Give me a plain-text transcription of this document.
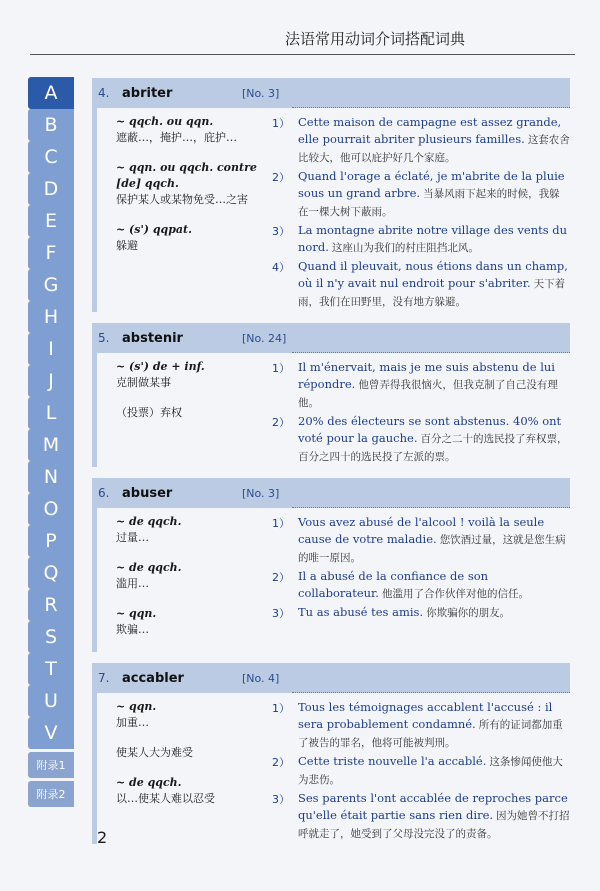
法语常用动词介词搭配词典
A
B
C
D
E
F
G
H
I
J
L
M
N
O
P
Q
R
S
T
U
V
附录1
附录2
4. abriter	[No. 3]
~ qqch. ou qqn.
遮蔽…，掩护…，庇护…
~ qqn. ou qqch. contre [de] qqch.
保护某人或某物免受…之害
~ (s') qqpat.
躲避
1） Cette maison de campagne est assez grande, elle pourrait abriter plusieurs familles. 这套农舍比较大，他可以庇护好几个家庭。
2） Quand l'orage a éclaté, je m'abrite de la pluie sous un grand arbre. 当暴风雨下起来的时候，我躲在一棵大树下蔽雨。
3） La montagne abrite notre village des vents du nord. 这座山为我们的村庄阻挡北风。
4） Quand il pleuvait, nous étions dans un champ, où il n'y avait nul endroit pour s'abriter. 天下着雨，我们在田野里，没有地方躲避。
5. abstenir	[No. 24]
~ (s') de + inf.
克制做某事
（投票）弃权
1） Il m'énervait, mais je me suis abstenu de lui répondre. 他曾弄得我很恼火，但我克制了自己没有理他。
2） 20% des électeurs se sont abstenus. 40% ont voté pour la gauche. 百分之二十的选民投了弃权票，百分之四十的选民投了左派的票。
6. abuser	[No. 3]
~ de qqch.
过量…
~ de qqch.
滥用…
~ qqn.
欺骗…
1） Vous avez abusé de l'alcool ! voilà la seule cause de votre maladie. 您饮酒过量，这就是您生病的唯一原因。
2） Il a abusé de la confiance de son collaborateur. 他滥用了合作伙伴对他的信任。
3） Tu as abusé tes amis. 你欺骗你的朋友。
7. accabler	[No. 4]
~ qqn.
加重…
使某人大为难受
~ de qqch.
以…使某人难以忍受
1） Tous les témoignages accablent l'accusé : il sera probablement condamné. 所有的证词都加重了被告的罪名，他将可能被判刑。
2） Cette triste nouvelle l'a accablé. 这条惨闻使他大为悲伤。
3） Ses parents l'ont accablée de reproches parce qu'elle était partie sans rien dire. 因为她曾不打招呼就走了，她受到了父母没完没了的责备。
2
